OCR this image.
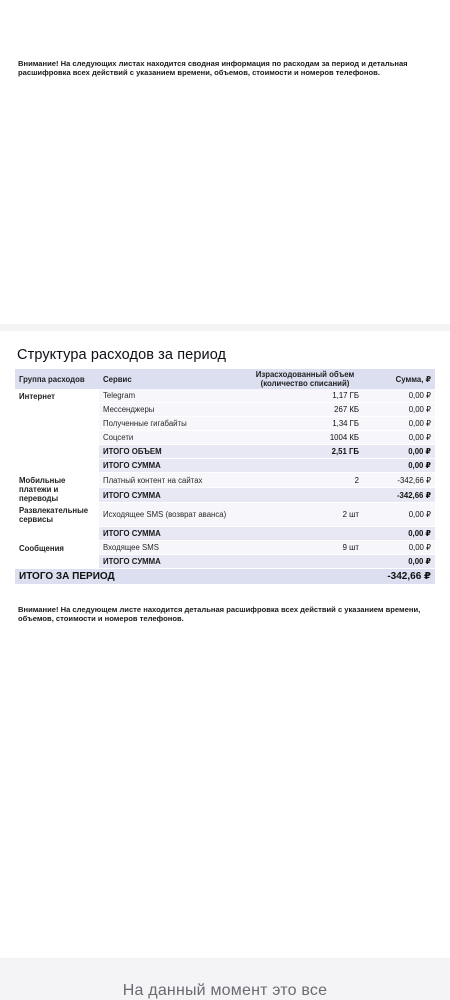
Внимание! На следующих листах находится сводная информация по расходам за период и детальная расшифровка всех действий с указанием времени, объемов, стоимости и номеров телефонов.

Структура расходов за период
Группа расходов	Сервис	Израсходованный объем (количество списаний)	Сумма, ₽
Интернет	Telegram	1,17 ГБ	0,00 ₽
	Мессенджеры	267 КБ	0,00 ₽
	Полученные гигабайты	1,34 ГБ	0,00 ₽
	Соцсети	1004 КБ	0,00 ₽
	ИТОГО ОБЪЕМ	2,51 ГБ	0,00 ₽
	ИТОГО СУММА		0,00 ₽
Мобильные платежи и переводы	Платный контент на сайтах	2	-342,66 ₽
	ИТОГО СУММА		-342,66 ₽
Развлекательные сервисы	Исходящее SMS (возврат аванса)	2 шт	0,00 ₽
	ИТОГО СУММА		0,00 ₽
Сообщения	Входящее SMS	9 шт	0,00 ₽
	ИТОГО СУММА		0,00 ₽
ИТОГО ЗА ПЕРИОД			-342,66 ₽

Внимание! На следующем листе находится детальная расшифровка всех действий с указанием времени, объемов, стоимости и номеров телефонов.

На данный момент это все
